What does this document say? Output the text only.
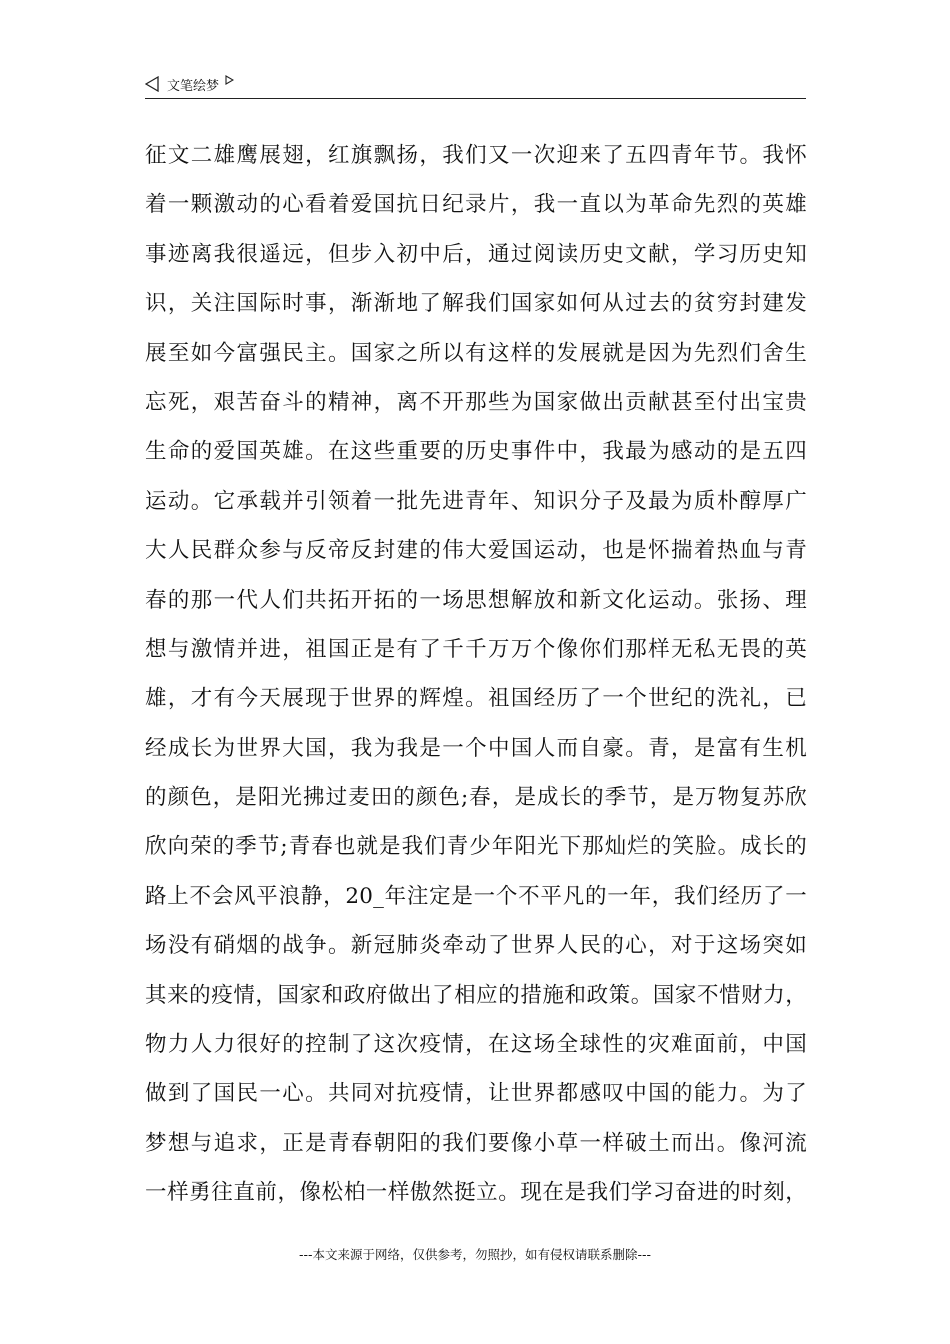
文笔绘梦
征文二雄鹰展翅，红旗飘扬，我们又一次迎来了五四青年节。我怀
着一颗激动的心看着爱国抗日纪录片，我一直以为革命先烈的英雄
事迹离我很遥远，但步入初中后，通过阅读历史文献，学习历史知
识，关注国际时事，渐渐地了解我们国家如何从过去的贫穷封建发
展至如今富强民主。国家之所以有这样的发展就是因为先烈们舍生
忘死，艰苦奋斗的精神，离不开那些为国家做出贡献甚至付出宝贵
生命的爱国英雄。在这些重要的历史事件中，我最为感动的是五四
运动。它承载并引领着一批先进青年、知识分子及最为质朴醇厚广
大人民群众参与反帝反封建的伟大爱国运动，也是怀揣着热血与青
春的那一代人们共拓开拓的一场思想解放和新文化运动。张扬、理
想与激情并进，祖国正是有了千千万万个像你们那样无私无畏的英
雄，才有今天展现于世界的辉煌。祖国经历了一个世纪的洗礼，已
经成长为世界大国，我为我是一个中国人而自豪。青，是富有生机
的颜色，是阳光拂过麦田的颜色;春，是成长的季节，是万物复苏欣
欣向荣的季节;青春也就是我们青少年阳光下那灿烂的笑脸。成长的
路上不会风平浪静，20_年注定是一个不平凡的一年，我们经历了一
场没有硝烟的战争。新冠肺炎牵动了世界人民的心，对于这场突如
其来的疫情，国家和政府做出了相应的措施和政策。国家不惜财力，
物力人力很好的控制了这次疫情，在这场全球性的灾难面前，中国
做到了国民一心。共同对抗疫情，让世界都感叹中国的能力。为了
梦想与追求，正是青春朝阳的我们要像小草一样破土而出。像河流
一样勇往直前，像松柏一样傲然挺立。现在是我们学习奋进的时刻，
---本文来源于网络，仅供参考，勿照抄，如有侵权请联系删除---
